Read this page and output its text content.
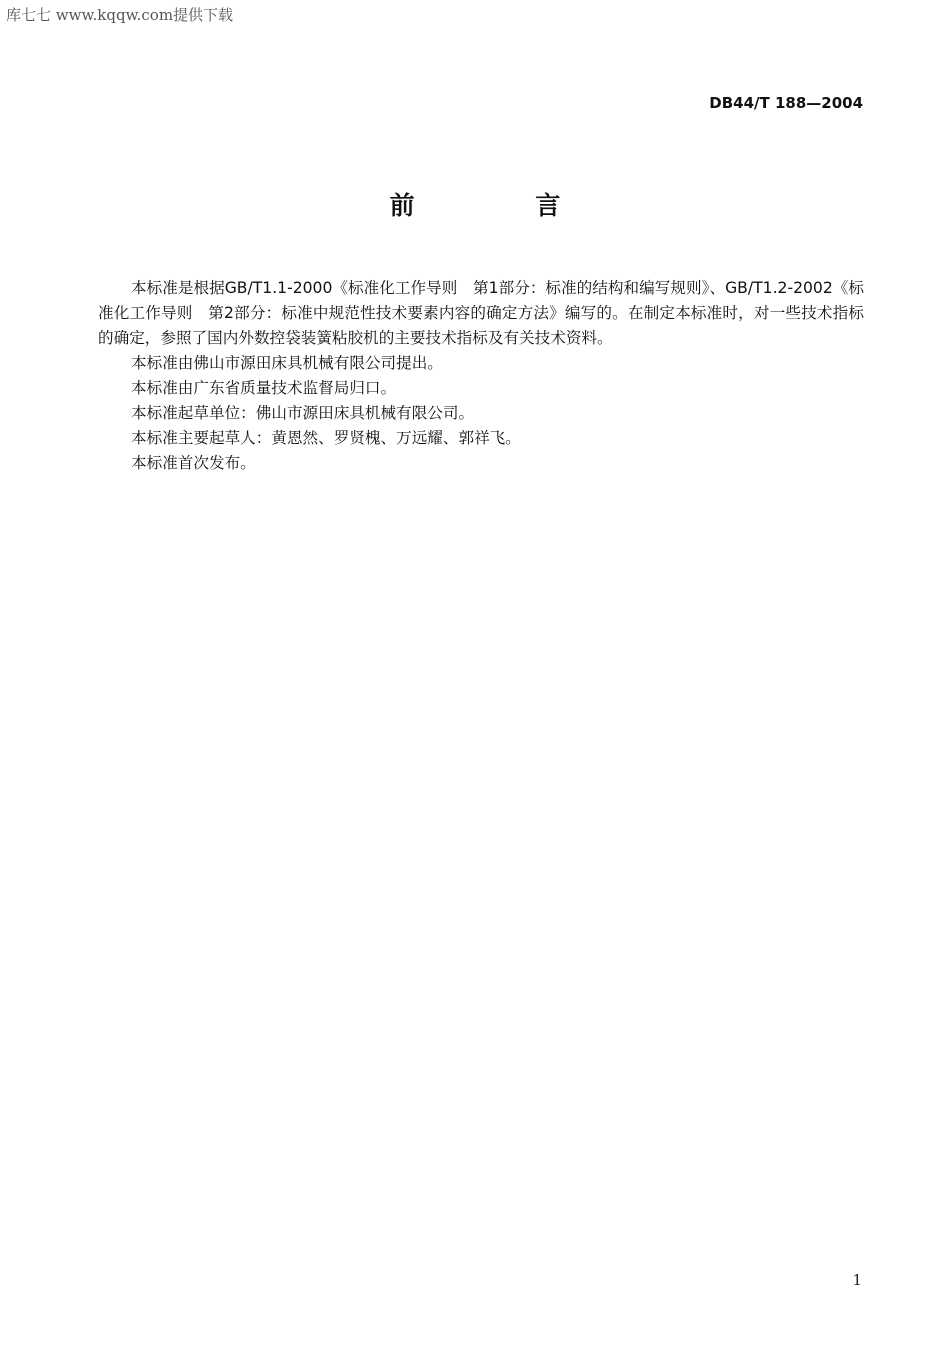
库七七 www.kqqw.com提供下载
DB44/T 188—2004
前 言

本标准是根据GB/T1.1-2000《标准化工作导则　第1部分：标准的结构和编写规则》、GB/T1.2-2002《标准化工作导则　第2部分：标准中规范性技术要素内容的确定方法》编写的。在制定本标准时，对一些技术指标的确定，参照了国内外数控袋装簧粘胶机的主要技术指标及有关技术资料。

本标准由佛山市源田床具机械有限公司提出。

本标准由广东省质量技术监督局归口。

本标准起草单位：佛山市源田床具机械有限公司。

本标准主要起草人：黄恩然、罗贤槐、万远耀、郭祥飞。

本标准首次发布。

1
